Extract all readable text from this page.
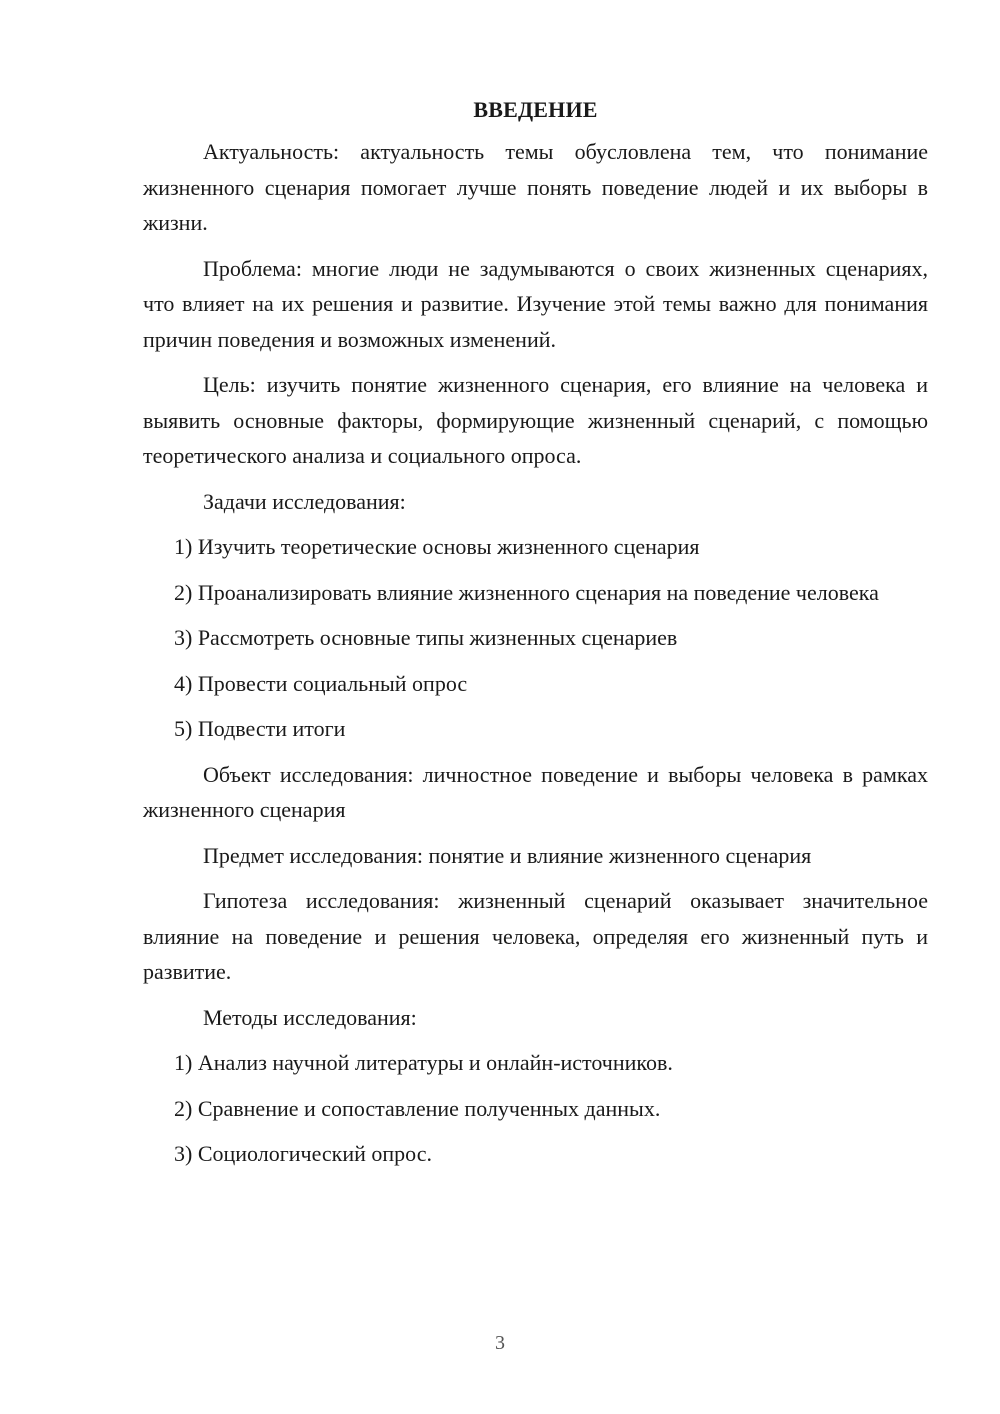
ВВЕДЕНИЕ

Актуальность: актуальность темы обусловлена тем, что понимание жизненного сценария помогает лучше понять поведение людей и их выборы в жизни.

Проблема: многие люди не задумываются о своих жизненных сценариях, что влияет на их решения и развитие. Изучение этой темы важно для понимания причин поведения и возможных изменений.

Цель: изучить понятие жизненного сценария, его влияние на человека и выявить основные факторы, формирующие жизненный сценарий, с помощью теоретического анализа и социального опроса.

Задачи исследования:

1) Изучить теоретические основы жизненного сценария

2) Проанализировать влияние жизненного сценария на поведение человека

3) Рассмотреть основные типы жизненных сценариев

4) Провести социальный опрос

5) Подвести итоги

Объект исследования: личностное поведение и выборы человека в рамках жизненного сценария

Предмет исследования: понятие и влияние жизненного сценария

Гипотеза исследования: жизненный сценарий оказывает значительное влияние на поведение и решения человека, определяя его жизненный путь и развитие.

Методы исследования:

1) Анализ научной литературы и онлайн-источников.

2) Сравнение и сопоставление полученных данных.

3) Социологический опрос.

3
